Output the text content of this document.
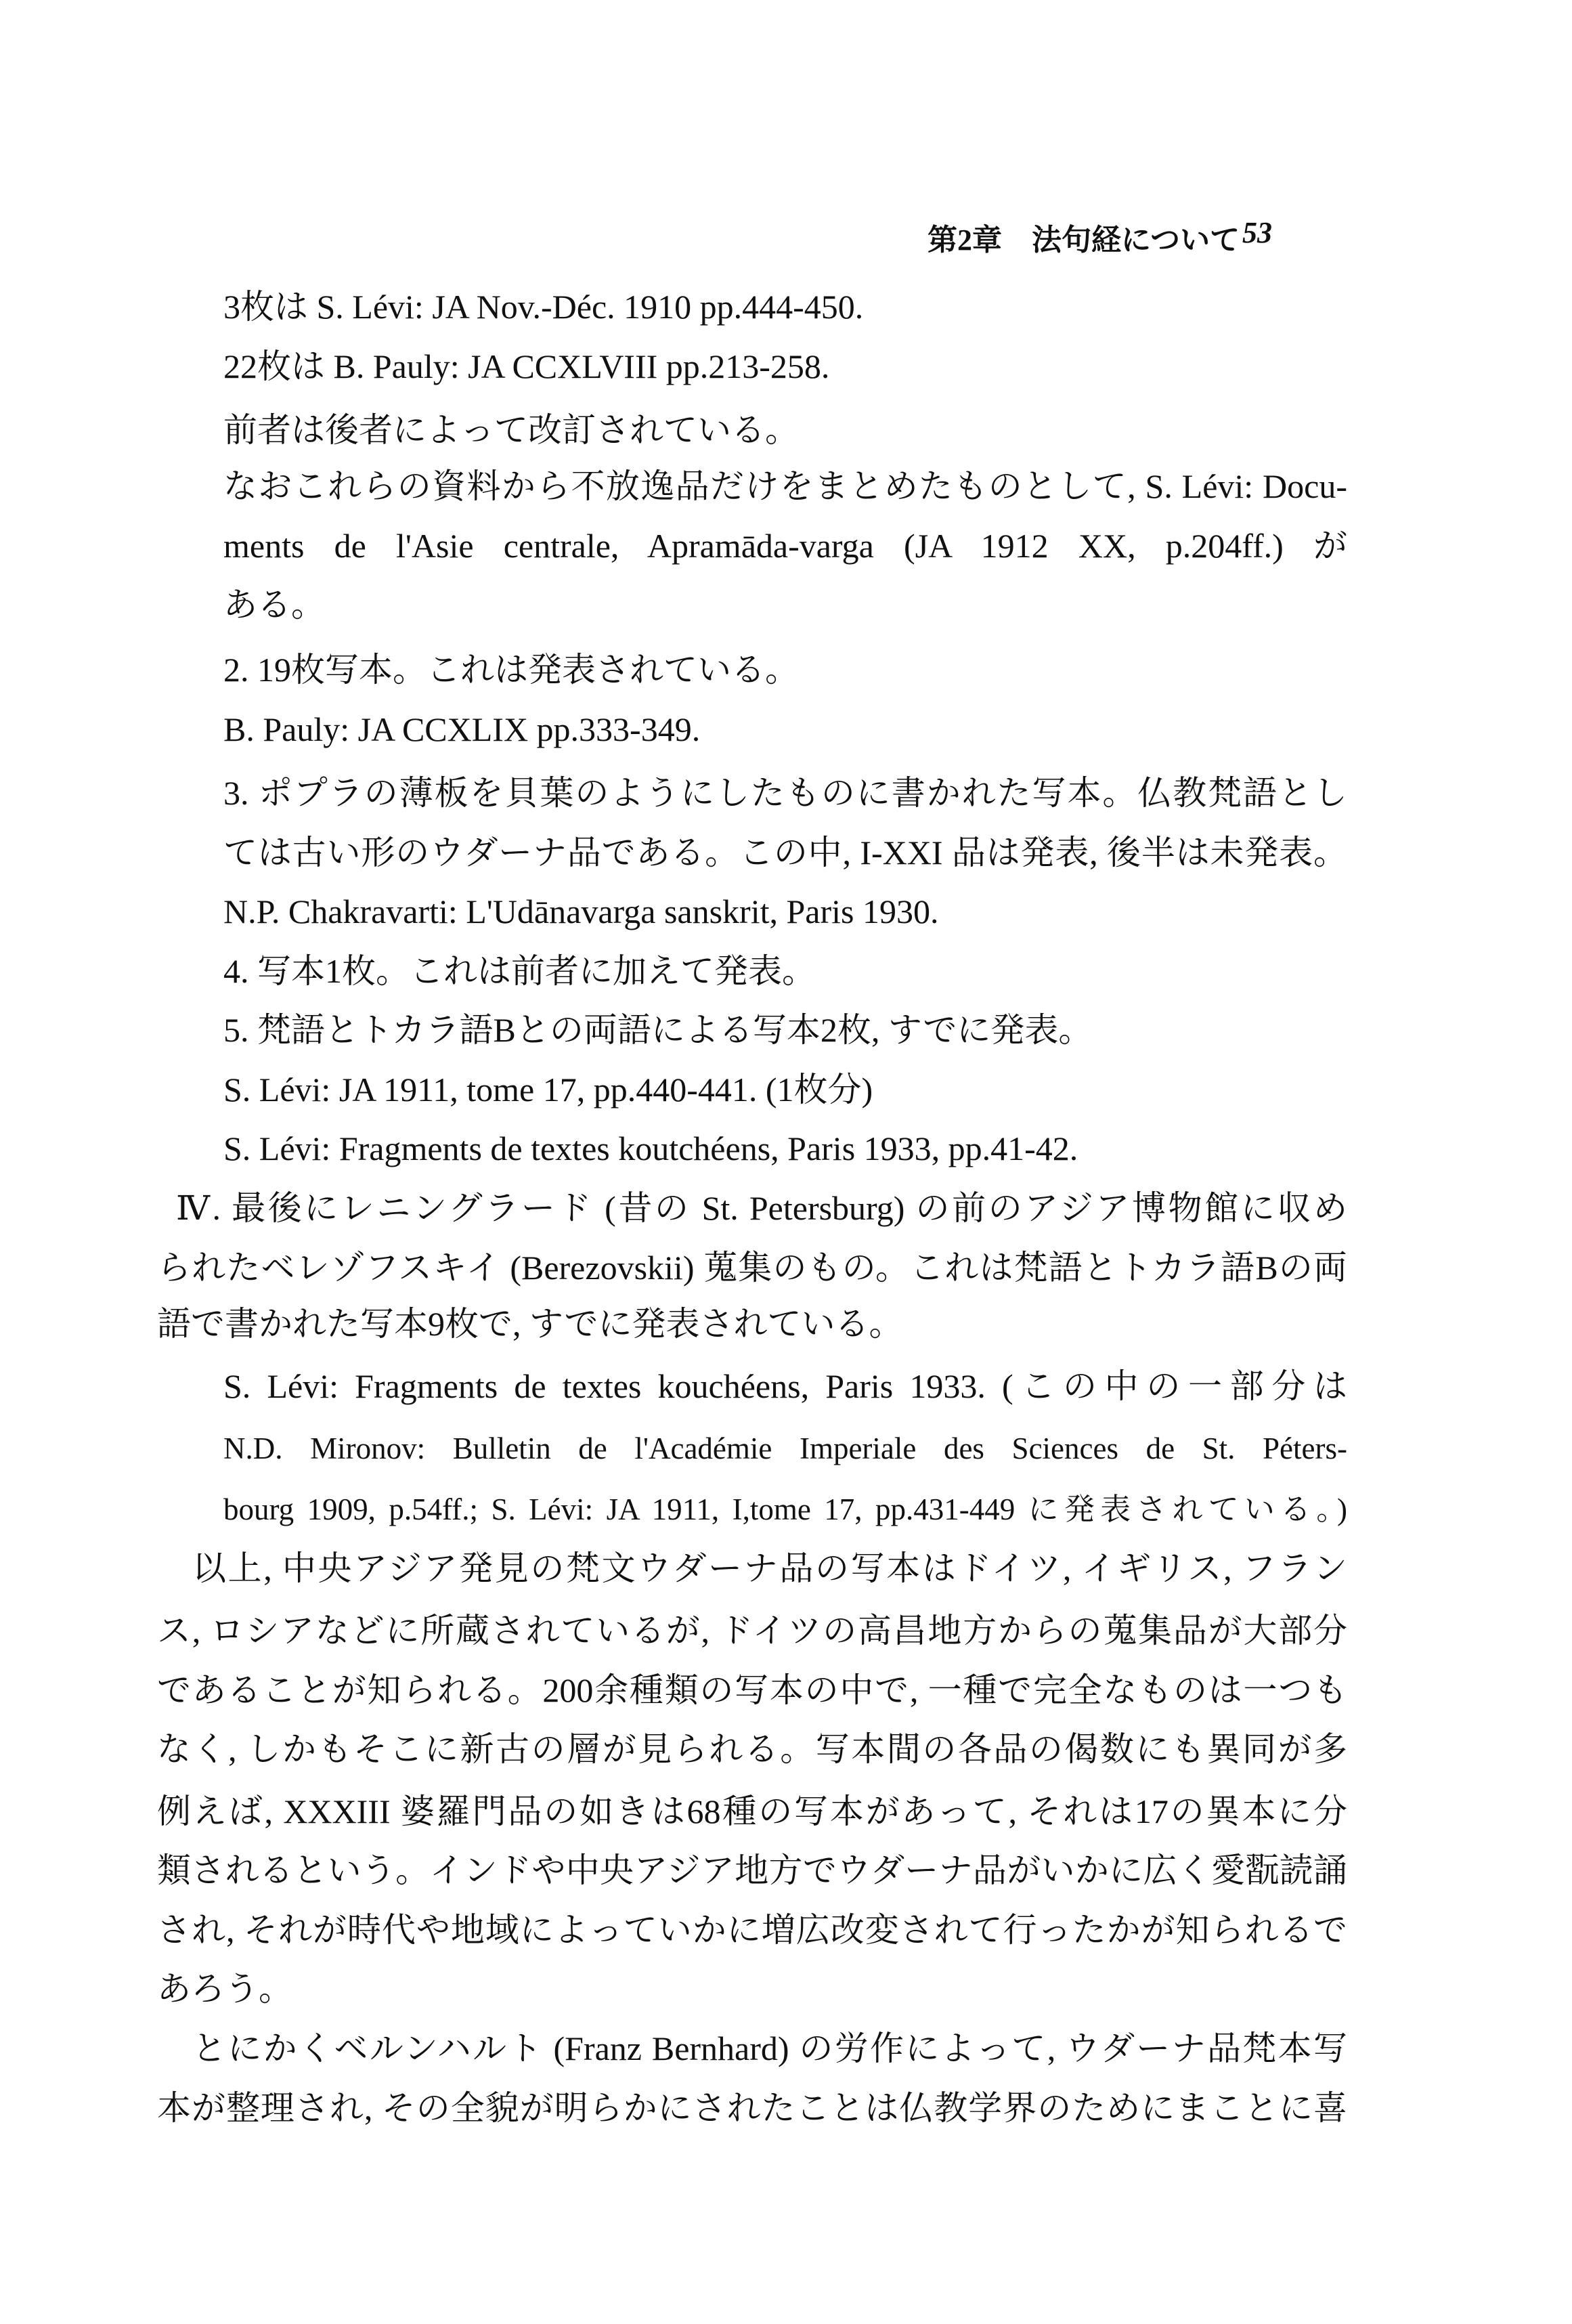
第2章　法句経について 53
3枚は S. Lévi: JA Nov.-Déc. 1910 pp.444-450.
22枚は B. Pauly: JA CCXLVIII pp.213-258.
前者は後者によって改訂されている。
なおこれらの資料から不放逸品だけをまとめたものとして, S. Lévi: Docu-
ments de l'Asie centrale, Apramāda-varga (JA 1912 XX, p.204ff.) が
ある。
2. 19枚写本。これは発表されている。
B. Pauly: JA CCXLIX pp.333-349.
3. ポプラの薄板を貝葉のようにしたものに書かれた写本。仏教梵語とし
ては古い形のウダーナ品である。この中, I-XXI 品は発表, 後半は未発表。
N.P. Chakravarti: L'Udānavarga sanskrit, Paris 1930.
4. 写本1枚。これは前者に加えて発表。
5. 梵語とトカラ語Bとの両語による写本2枚, すでに発表。
S. Lévi: JA 1911, tome 17, pp.440-441. (1枚分)
S. Lévi: Fragments de textes koutchéens, Paris 1933, pp.41-42.
Ⅳ. 最後にレニングラード (昔の St. Petersburg) の前のアジア博物館に収め
られたベレゾフスキイ (Berezovskii) 蒐集のもの。これは梵語とトカラ語Bの両
語で書かれた写本9枚で, すでに発表されている。
S. Lévi: Fragments de textes kouchéens, Paris 1933. (この中の一部分は
N.D. Mironov: Bulletin de l'Académie Imperiale des Sciences de St. Péters-
bourg 1909, p.54ff.; S. Lévi: JA 1911, I,tome 17, pp.431-449 に発表されている。)
以上, 中央アジア発見の梵文ウダーナ品の写本はドイツ, イギリス, フラン
ス, ロシアなどに所蔵されているが, ドイツの高昌地方からの蒐集品が大部分
であることが知られる。200余種類の写本の中で, 一種で完全なものは一つも
なく, しかもそこに新古の層が見られる。写本間の各品の偈数にも異同が多
例えば, XXXIII 婆羅門品の如きは68種の写本があって, それは17の異本に分
類されるという。インドや中央アジア地方でウダーナ品がいかに広く愛翫読誦
され, それが時代や地域によっていかに増広改変されて行ったかが知られるで
あろう。
とにかくベルンハルト (Franz Bernhard) の労作によって, ウダーナ品梵本写
本が整理され, その全貌が明らかにされたことは仏教学界のためにまことに喜
